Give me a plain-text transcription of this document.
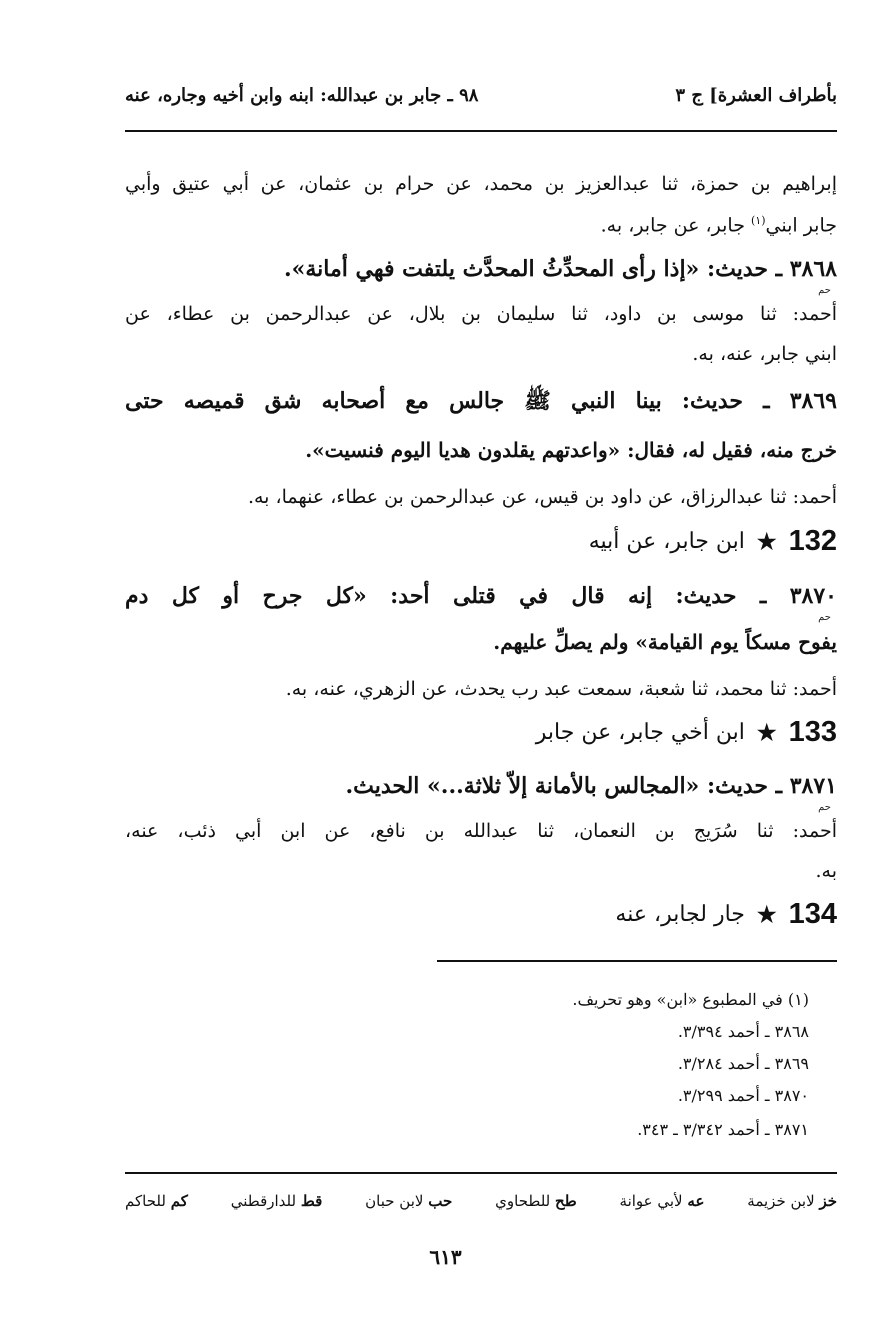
بأطراف العشرة] ج ٣
٩٨ ـ جابر بن عبدالله: ابنه وابن أخيه وجاره، عنه
إبراهيم بن حمزة، ثنا عبدالعزيز بن محمد، عن حرام بن عثمان، عن أبي عتيق وأبي
جابر ابني$^{(١)}$ جابر، عن جابر، به.
٣٨٦٨ ـ حديث: «إذا رأى المحدِّثُ المحدَّث يلتفت فهي أمانة».
حم
أحمد: ثنا موسى بن داود، ثنا سليمان بن بلال، عن عبدالرحمن بن عطاء، عن
ابني جابر، عنه، به.
٣٨٦٩ ـ حديث: بينا النبي ﷺ جالس مع أصحابه شق قميصه حتى
خرج منه، فقيل له، فقال: «واعدتهم يقلدون هديا اليوم فنسيت».
أحمد: ثنا عبدالرزاق، عن داود بن قيس، عن عبدالرحمن بن عطاء، عنهما، به.
ابن جابر، عن أبيه ★ 132
٣٨٧٠ ـ حديث: إنه قال في قتلى أحد: «كل جرح أو كل دم
حم
يفوح مسكاً يوم القيامة» ولم يصلِّ عليهم.
أحمد: ثنا محمد، ثنا شعبة، سمعت عبد رب يحدث، عن الزهري، عنه، به.
ابن أخي جابر، عن جابر ★ 133
٣٨٧١ ـ حديث: «المجالس بالأمانة إلاّ ثلاثة...» الحديث.
حم
أحمد: ثنا سُرَيج بن النعمان، ثنا عبدالله بن نافع، عن ابن أبي ذئب، عنه،
به.
جار لجابر، عنه ★ 134
(١) في المطبوع «ابن» وهو تحريف.
٣٨٦٨ ـ أحمد ٣/٣٩٤.
٣٨٦٩ ـ أحمد ٣/٢٨٤.
٣٨٧٠ ـ أحمد ٣/٢٩٩.
٣٨٧١ ـ أحمد ٣/٣٤٢ ـ ٣٤٣.
خز لابن خزيمة
عه لأبي عوانة
طح للطحاوي
حب لابن حبان
قط للدارقطني
كم للحاكم
٦١٣
